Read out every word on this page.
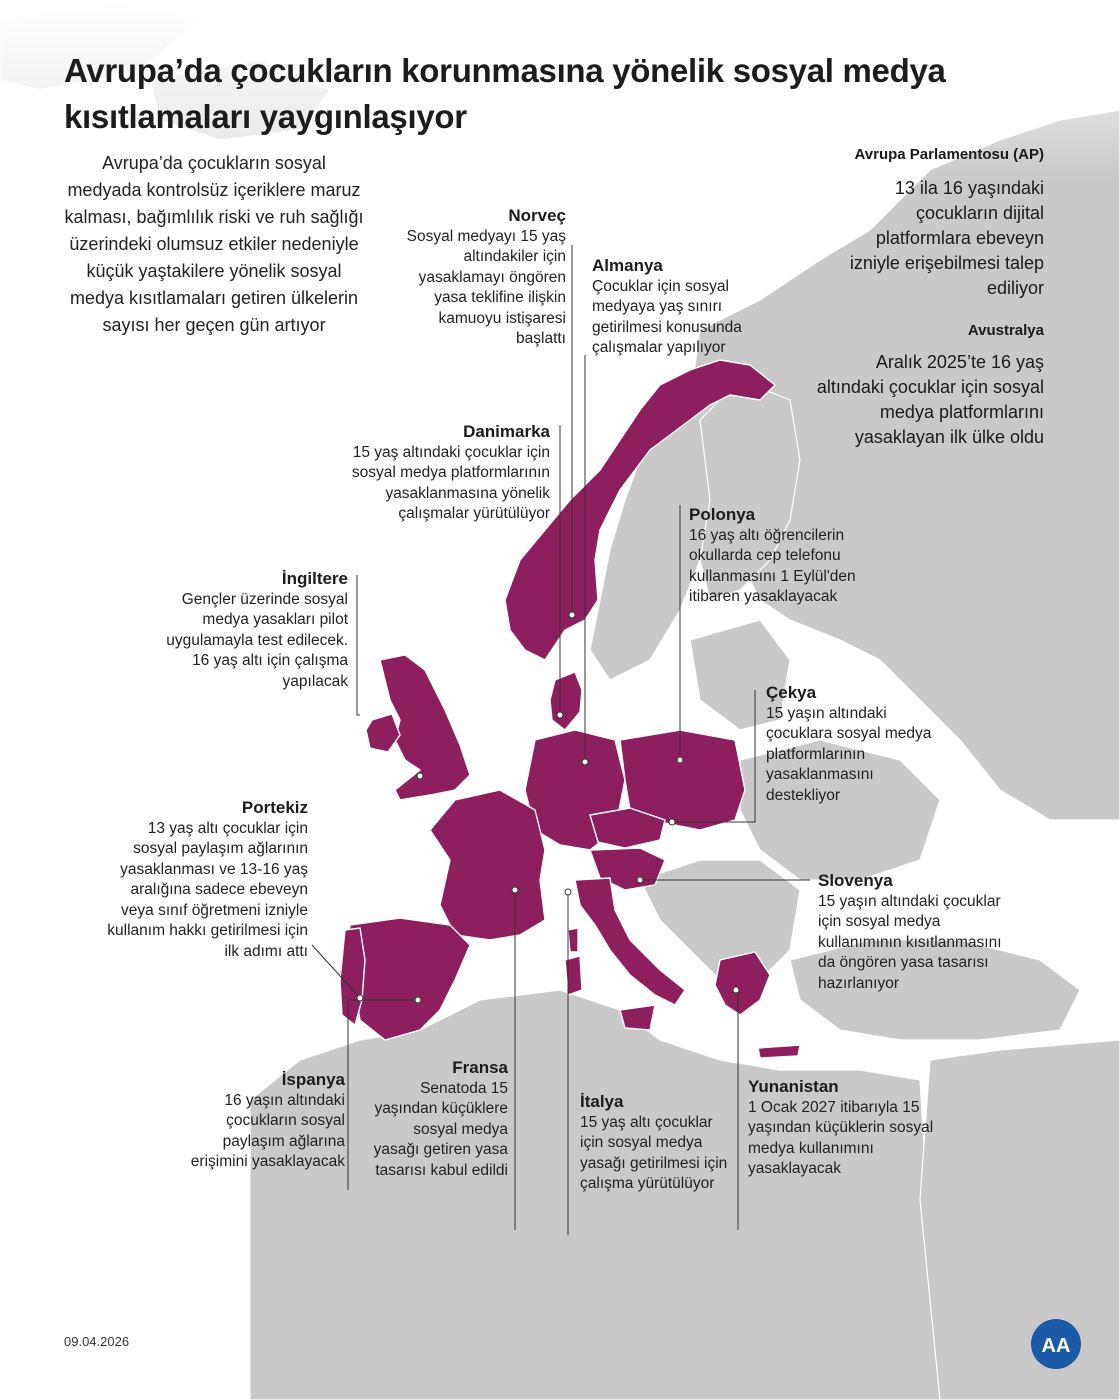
Avrupa’da çocukların korunmasına yönelik sosyal medya kısıtlamaları yaygınlaşıyor
Avrupa’da çocukların sosyal medyada kontrolsüz içeriklere maruz kalması, bağımlılık riski ve ruh sağlığı üzerindeki olumsuz etkiler nedeniyle küçük yaştakilere yönelik sosyal medya kısıtlamaları getiren ülkelerin sayısı her geçen gün artıyor
Avrupa Parlamentosu (AP)
13 ila 16 yaşındaki çocukların dijital platformlara ebeveyn izniyle erişebilmesi talep ediliyor
Avustralya
Aralık 2025’te 16 yaş altındaki çocuklar için sosyal medya platformlarını yasaklayan ilk ülke oldu
Norveç
Sosyal medyayı 15 yaş altındakiler için yasaklamayı öngören yasa teklifine ilişkin kamuoyu istişaresi başlattı
Almanya
Çocuklar için sosyal medyaya yaş sınırı getirilmesi konusunda çalışmalar yapılıyor
Danimarka
15 yaş altındaki çocuklar için sosyal medya platformlarının yasaklanmasına yönelik çalışmalar yürütülüyor	Polonya
16 yaş altı öğrencilerin okullarda cep telefonu kullanmasını 1 Eylül'den itibaren yasaklayacak
İngiltere
Gençler üzerinde sosyal medya yasakları pilot uygulamayla test edilecek. 16 yaş altı için çalışma yapılacak
Çekya
15 yaşın altındaki çocuklara sosyal medya platformlarının yasaklanmasını destekliyor
Portekiz
13 yaş altı çocuklar için sosyal paylaşım ağlarının yasaklanması ve 13-16 yaş aralığına sadece ebeveyn veya sınıf öğretmeni izniyle kullanım hakkı getirilmesi için ilk adımı attı
Slovenya
15 yaşın altındaki çocuklar için sosyal medya kullanımının kısıtlanmasını da öngören yasa tasarısı hazırlanıyor
İspanya
16 yaşın altındaki çocukların sosyal paylaşım ağlarına erişimini yasaklayacak
Fransa
Senatoda 15 yaşından küçüklere sosyal medya yasağı getiren yasa tasarısı kabul edildi
İtalya
15 yaş altı çocuklar için sosyal medya yasağı getirilmesi için çalışma yürütülüyor
Yunanistan
1 Ocak 2027 itibarıyla 15 yaşından küçüklerin sosyal medya kullanımını yasaklayacak
09.04.2026	AA
